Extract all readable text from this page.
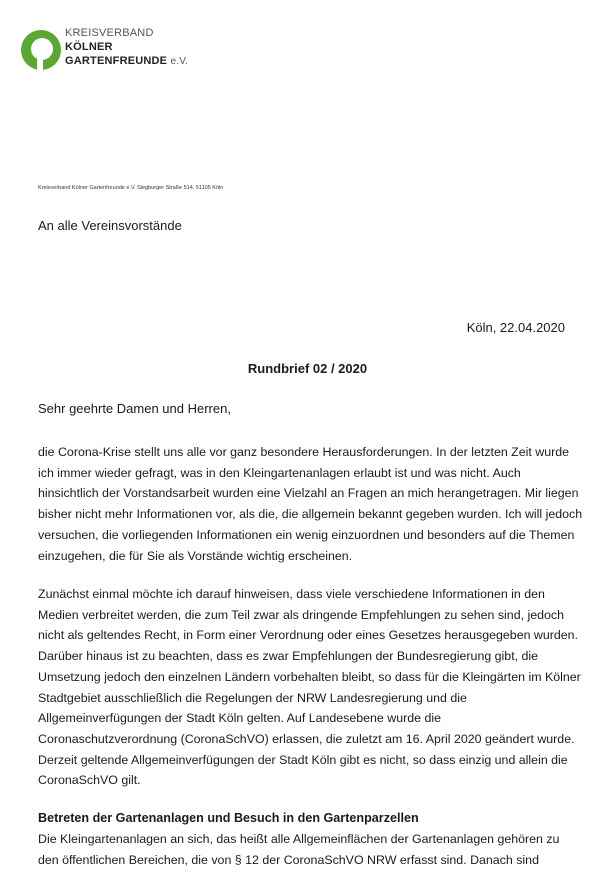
KREISVERBAND
KÖLNER
GARTENFREUNDE e.V.
Kreisverband Kölner Gartenfreunde e.V. Siegburger Straße 514, 51105 Köln
An alle Vereinsvorstände
Köln, 22.04.2020
Rundbrief 02 / 2020
Sehr geehrte Damen und Herren,

die Corona-Krise stellt uns alle vor ganz besondere Herausforderungen. In der letzten Zeit wurde ich immer wieder gefragt, was in den Kleingartenanlagen erlaubt ist und was nicht. Auch hinsichtlich der Vorstandsarbeit wurden eine Vielzahl an Fragen an mich herangetragen. Mir liegen bisher nicht mehr Informationen vor, als die, die allgemein bekannt gegeben wurden. Ich will jedoch versuchen, die vorliegenden Informationen ein wenig einzuordnen und besonders auf die Themen einzugehen, die für Sie als Vorstände wichtig erscheinen.

Zunächst einmal möchte ich darauf hinweisen, dass viele verschiedene Informationen in den Medien verbreitet werden, die zum Teil zwar als dringende Empfehlungen zu sehen sind, jedoch nicht als geltendes Recht, in Form einer Verordnung oder eines Gesetzes herausgegeben wurden. Darüber hinaus ist zu beachten, dass es zwar Empfehlungen der Bundesregierung gibt, die Umsetzung jedoch den einzelnen Ländern vorbehalten bleibt, so dass für die Kleingärten im Kölner Stadtgebiet ausschließlich die Regelungen der NRW Landesregierung und die Allgemeinverfügungen der Stadt Köln gelten. Auf Landesebene wurde die Coronaschutzverordnung (CoronaSchVO) erlassen, die zuletzt am 16. April 2020 geändert wurde. Derzeit geltende Allgemeinverfügungen der Stadt Köln gibt es nicht, so dass einzig und allein die CoronaSchVO gilt.

Betreten der Gartenanlagen und Besuch in den Gartenparzellen

Die Kleingartenanlagen an sich, das heißt alle Allgemeinflächen der Gartenanlagen gehören zu den öffentlichen Bereichen, die von § 12 der CoronaSchVO NRW erfasst sind. Danach sind
